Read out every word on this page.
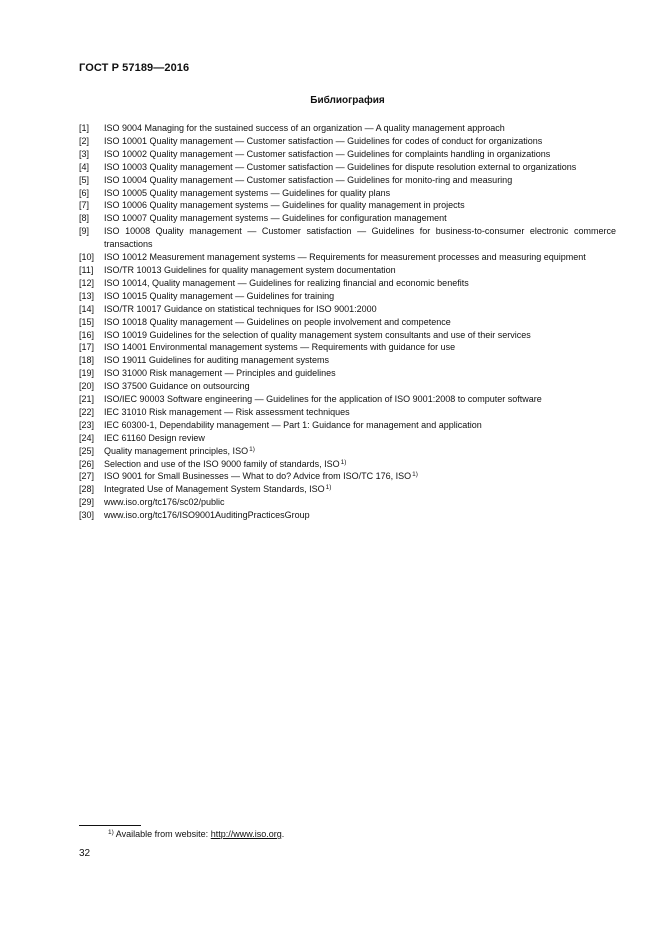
ГОСТ Р 57189—2016
Библиография
[1]	ISO 9004 Managing for the sustained success of an organization — A quality management approach
[2]	ISO 10001 Quality management — Customer satisfaction — Guidelines for codes of conduct for organizations
[3]	ISO 10002 Quality management — Customer satisfaction — Guidelines for complaints handling in organizations
[4]	ISO 10003 Quality management — Customer satisfaction — Guidelines for dispute resolution external to organizations
[5]	ISO 10004 Quality management — Customer satisfaction — Guidelines for monito-ring and measuring
[6]	ISO 10005 Quality management systems — Guidelines for quality plans
[7]	ISO 10006 Quality management systems — Guidelines for quality management in projects
[8]	ISO 10007 Quality management systems — Guidelines for configuration management
[9]	ISO 10008 Quality management — Customer satisfaction — Guidelines for business-to-consumer electronic commerce transactions
[10]	ISO 10012 Measurement management systems — Requirements for measurement processes and measuring equipment
[11]	ISO/TR 10013 Guidelines for quality management system documentation
[12]	ISO 10014, Quality management — Guidelines for realizing financial and economic benefits
[13]	ISO 10015 Quality management — Guidelines for training
[14]	ISO/TR 10017 Guidance on statistical techniques for ISO 9001:2000
[15]	ISO 10018 Quality management — Guidelines on people involvement and competence
[16]	ISO 10019 Guidelines for the selection of quality management system consultants and use of their services
[17]	ISO 14001 Environmental management systems — Requirements with guidance for use
[18]	ISO 19011 Guidelines for auditing management systems
[19]	ISO 31000 Risk management — Principles and guidelines
[20]	ISO 37500 Guidance on outsourcing
[21]	ISO/IEC 90003 Software engineering — Guidelines for the application of ISO 9001:2008 to computer software
[22]	IEC 31010 Risk management — Risk assessment techniques
[23]	IEC 60300-1, Dependability management — Part 1: Guidance for management and application
[24]	IEC 61160 Design review
[25]	Quality management principles, ISO$^{1)}$
[26]	Selection and use of the ISO 9000 family of standards, ISO$^{1)}$
[27]	ISO 9001 for Small Businesses — What to do? Advice from ISO/TC 176, ISO$^{1)}$
[28]	Integrated Use of Management System Standards, ISO$^{1)}$
[29]	www.iso.org/tc176/sc02/public
[30]	www.iso.org/tc176/ISO9001AuditingPracticesGroup
$^{1)}$ Available from website: http://www.iso.org.
32
